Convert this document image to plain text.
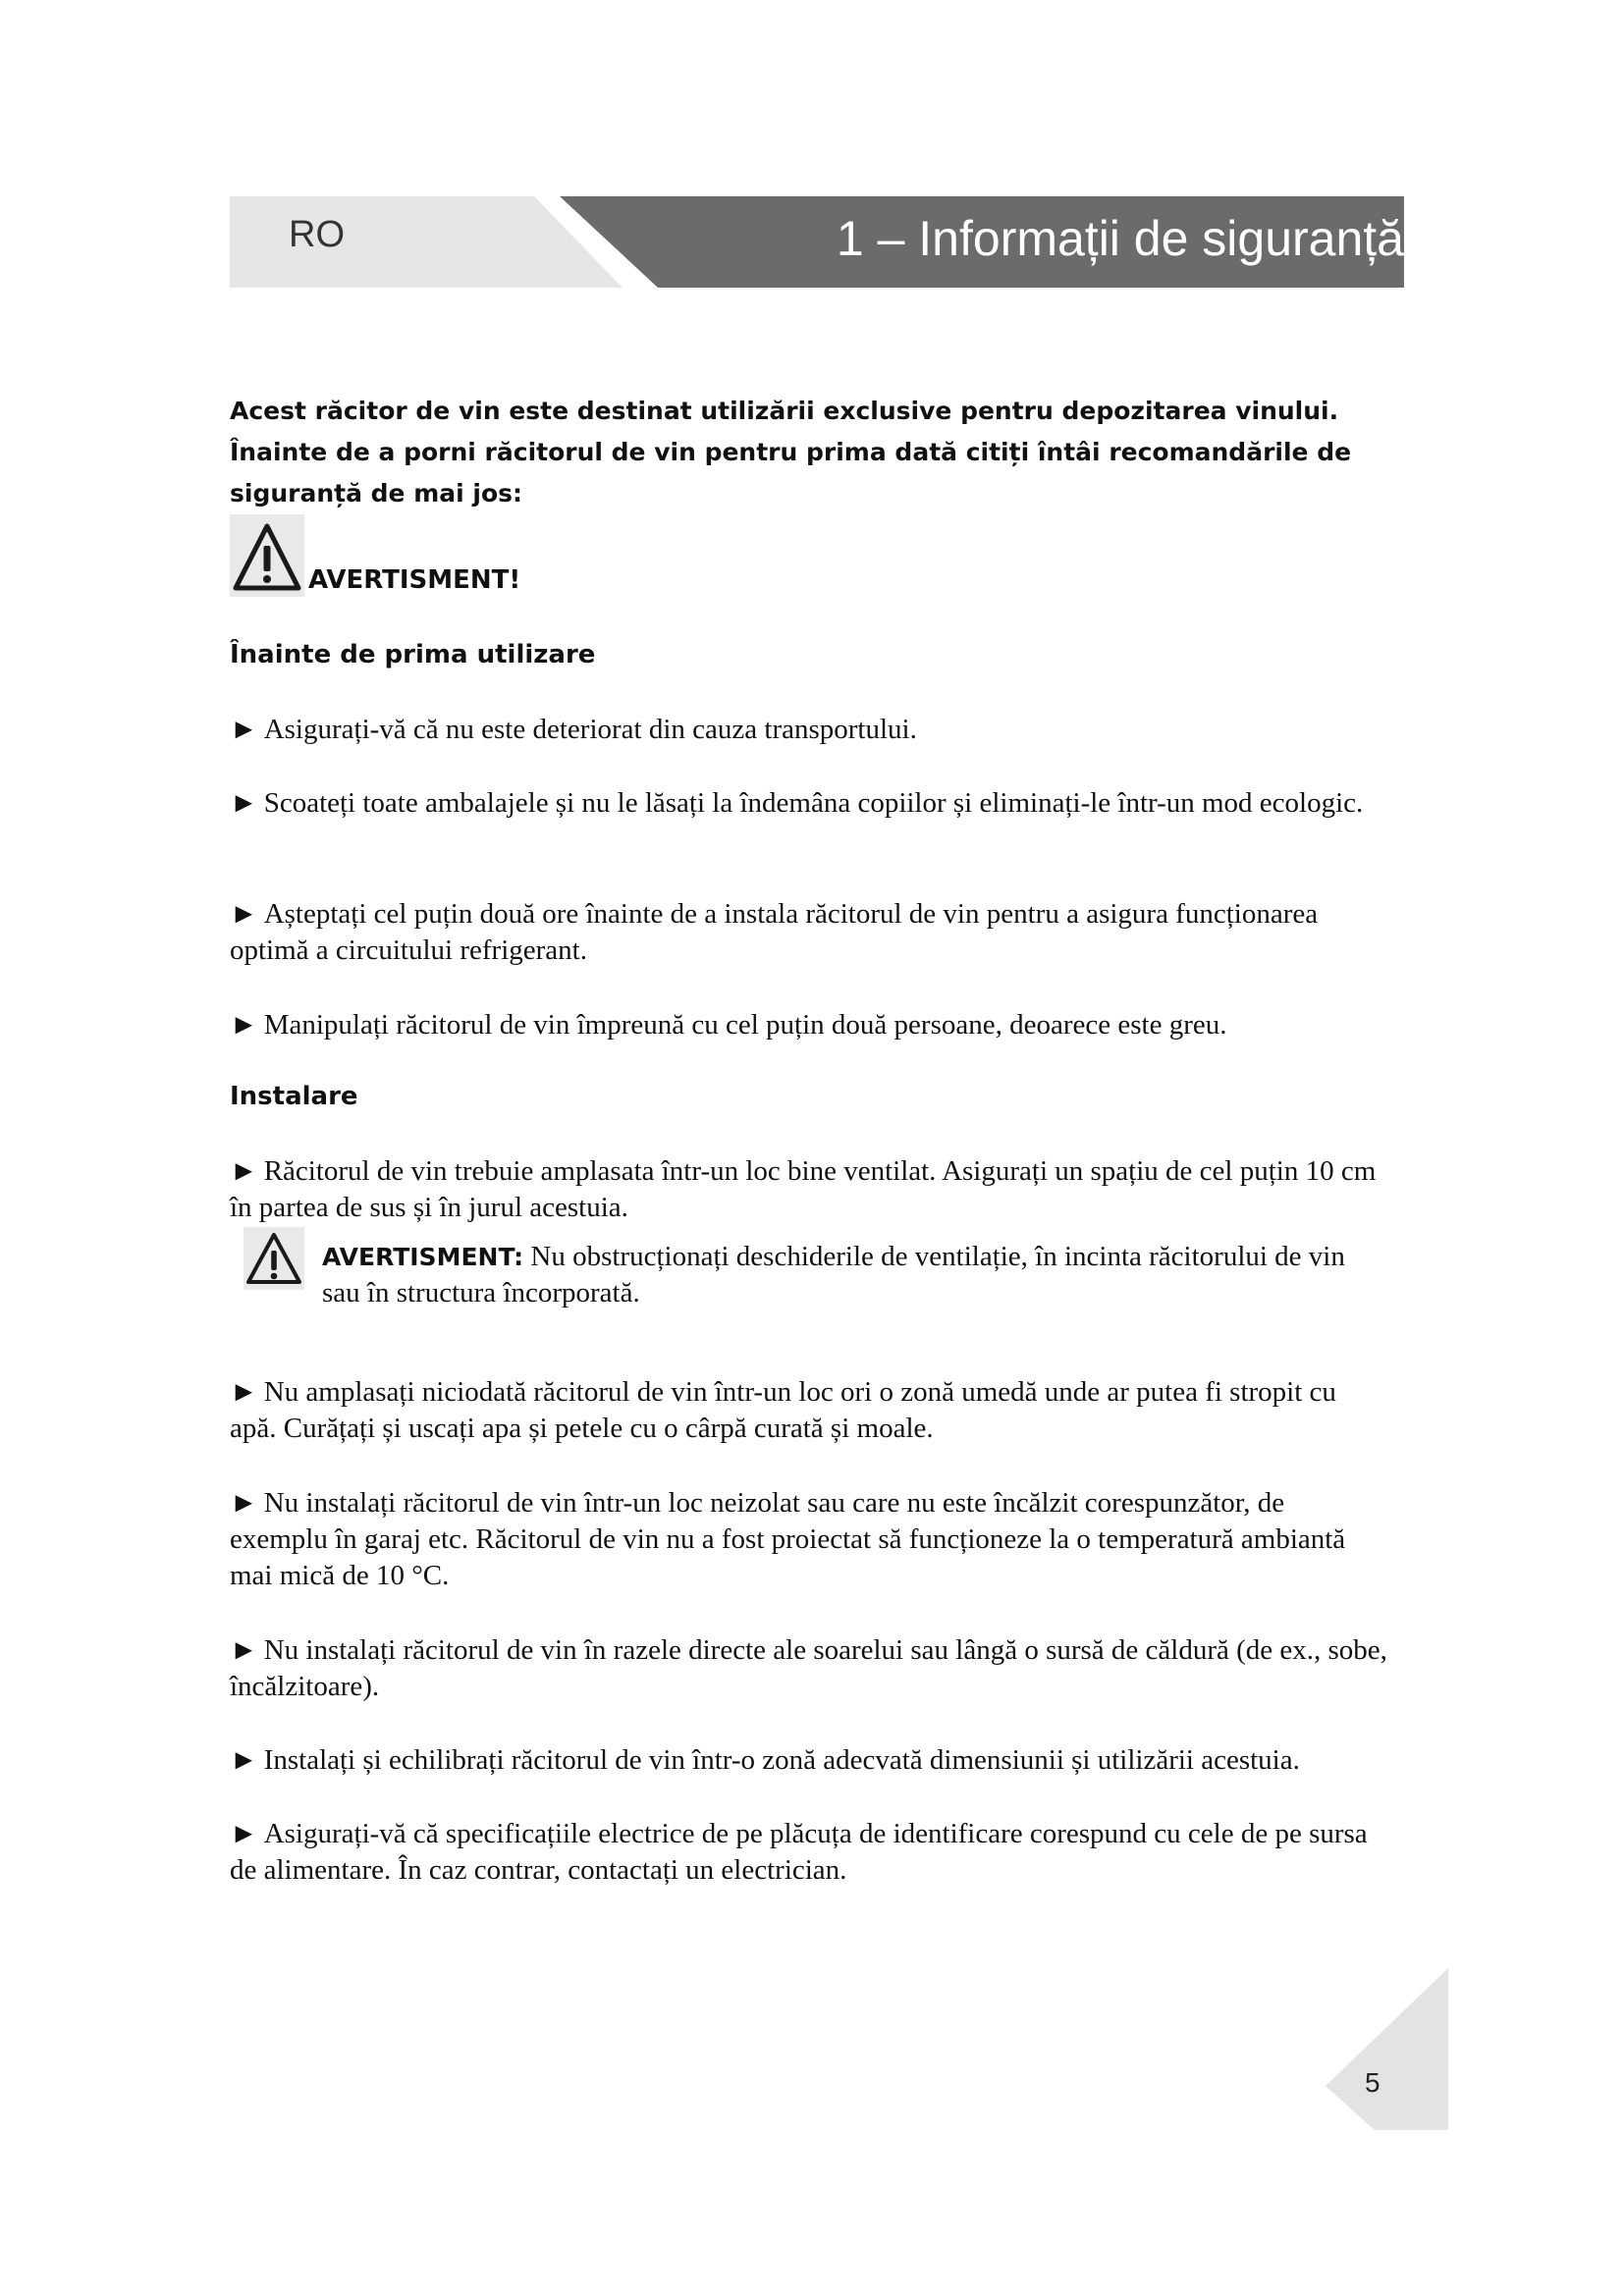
RO	1 – Informații de siguranță
Acest răcitor de vin este destinat utilizării exclusive pentru depozitarea vinului. Înainte de a porni răcitorul de vin pentru prima dată citiți întâi recomandările de siguranță de mai jos:
AVERTISMENT!
Înainte de prima utilizare
► Asigurați-vă că nu este deteriorat din cauza transportului.
► Scoateți toate ambalajele și nu le lăsați la îndemâna copiilor și eliminați-le într-un mod ecologic.
► Așteptați cel puțin două ore înainte de a instala răcitorul de vin pentru a asigura funcționarea optimă a circuitului refrigerant.
► Manipulați răcitorul de vin împreună cu cel puțin două persoane, deoarece este greu.
Instalare
► Răcitorul de vin trebuie amplasata într-un loc bine ventilat. Asigurați un spațiu de cel puțin 10 cm în partea de sus și în jurul acestuia.
AVERTISMENT: Nu obstrucționați deschiderile de ventilație, în incinta răcitorului de vin sau în structura încorporată.
► Nu amplasați niciodată răcitorul de vin într-un loc ori o zonă umedă unde ar putea fi stropit cu apă. Curățați și uscați apa și petele cu o cârpă curată și moale.
► Nu instalați răcitorul de vin într-un loc neizolat sau care nu este încălzit corespunzător, de exemplu în garaj etc. Răcitorul de vin nu a fost proiectat să funcționeze la o temperatură ambiantă mai mică de 10 °C.
► Nu instalați răcitorul de vin în razele directe ale soarelui sau lângă o sursă de căldură (de ex., sobe, încălzitoare).
► Instalați și echilibrați răcitorul de vin într-o zonă adecvată dimensiunii și utilizării acestuia.
► Asigurați-vă că specificațiile electrice de pe plăcuța de identificare corespund cu cele de pe sursa de alimentare. În caz contrar, contactați un electrician.
5
